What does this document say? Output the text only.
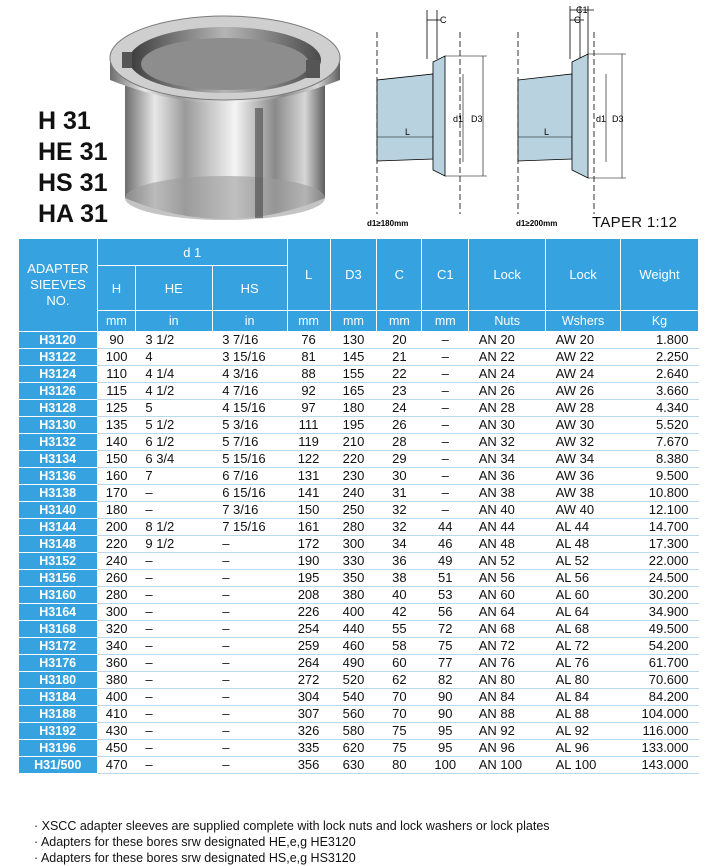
H 31
HE 31
HS 31
HA 31
C
d1 D3
L
d1≥180mm
C1
C
d1 D3
L
d1≥200mm TAPER 1:12
ADAPTER SIEEVES NO.	d 1			L	D3	C	C1	Lock	Lock	Weight
	H	HE	HS							
	mm	in	in	mm	mm	mm	mm	Nuts	Wshers	Kg
H3120	90	3 1/2	3 7/16	76	130	20	–	AN 20	AW 20	1.800
H3122	100	4	3 15/16	81	145	21	–	AN 22	AW 22	2.250
H3124	110	4 1/4	4 3/16	88	155	22	–	AN 24	AW 24	2.640
H3126	115	4 1/2	4 7/16	92	165	23	–	AN 26	AW 26	3.660
H3128	125	5	4 15/16	97	180	24	–	AN 28	AW 28	4.340
H3130	135	5 1/2	5 3/16	111	195	26	–	AN 30	AW 30	5.520
H3132	140	6 1/2	5 7/16	119	210	28	–	AN 32	AW 32	7.670
H3134	150	6 3/4	5 15/16	122	220	29	–	AN 34	AW 34	8.380
H3136	160	7	6 7/16	131	230	30	–	AN 36	AW 36	9.500
H3138	170	–	6 15/16	141	240	31	–	AN 38	AW 38	10.800
H3140	180	–	7 3/16	150	250	32	–	AN 40	AW 40	12.100
H3144	200	8 1/2	7 15/16	161	280	32	44	AN 44	AL 44	14.700
H3148	220	9 1/2	–	172	300	34	46	AN 48	AL 48	17.300
H3152	240	–	–	190	330	36	49	AN 52	AL 52	22.000
H3156	260	–	–	195	350	38	51	AN 56	AL 56	24.500
H3160	280	–	–	208	380	40	53	AN 60	AL 60	30.200
H3164	300	–	–	226	400	42	56	AN 64	AL 64	34.900
H3168	320	–	–	254	440	55	72	AN 68	AL 68	49.500
H3172	340	–	–	259	460	58	75	AN 72	AL 72	54.200
H3176	360	–	–	264	490	60	77	AN 76	AL 76	61.700
H3180	380	–	–	272	520	62	82	AN 80	AL 80	70.600
H3184	400	–	–	304	540	70	90	AN 84	AL 84	84.200
H3188	410	–	–	307	560	70	90	AN 88	AL 88	104.000
H3192	430	–	–	326	580	75	95	AN 92	AL 92	116.000
H3196	450	–	–	335	620	75	95	AN 96	AL 96	133.000
H31/500	470	–	–	356	630	80	100	AN 100	AL 100	143.000
· XSCC adapter sleeves are supplied complete with lock nuts and lock washers or lock plates
· Adapters for these bores srw designated HE,e,g HE3120
· Adapters for these bores srw designated HS,e,g HS3120
